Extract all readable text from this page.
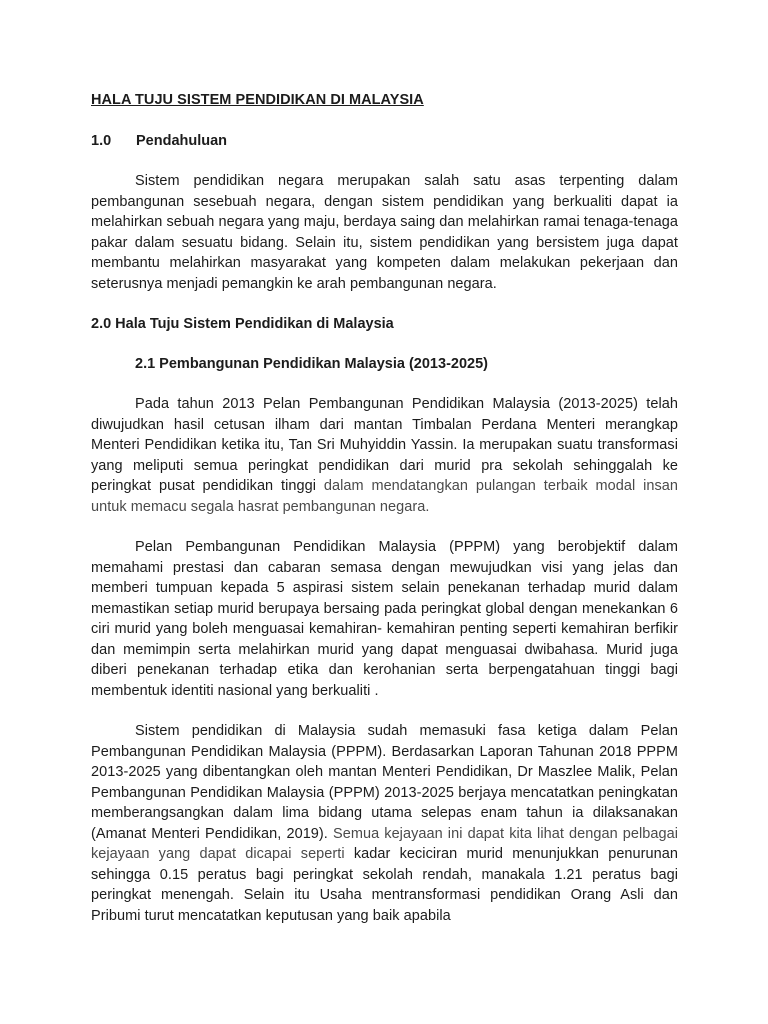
HALA TUJU SISTEM PENDIDIKAN DI MALAYSIA
1.0	Pendahuluan

Sistem pendidikan negara merupakan salah satu asas terpenting dalam pembangunan sesebuah negara, dengan sistem pendidikan yang berkualiti dapat ia melahirkan sebuah negara yang maju, berdaya saing dan melahirkan ramai tenaga-tenaga pakar dalam sesuatu bidang. Selain itu, sistem pendidikan yang bersistem juga dapat membantu melahirkan masyarakat yang kompeten dalam melakukan pekerjaan dan seterusnya menjadi pemangkin ke arah pembangunan negara.

2.0 Hala Tuju Sistem Pendidikan di Malaysia
2.1 Pembangunan Pendidikan Malaysia (2013-2025)

Pada tahun 2013 Pelan Pembangunan Pendidikan Malaysia (2013-2025) telah diwujudkan hasil cetusan ilham dari mantan Timbalan Perdana Menteri merangkap Menteri Pendidikan ketika itu, Tan Sri Muhyiddin Yassin. Ia merupakan suatu transformasi yang meliputi semua peringkat pendidikan dari murid pra sekolah sehinggalah ke peringkat pusat pendidikan tinggi dalam mendatangkan pulangan terbaik modal insan untuk memacu segala hasrat pembangunan negara.

Pelan Pembangunan Pendidikan Malaysia (PPPM) yang berobjektif dalam memahami prestasi dan cabaran semasa dengan mewujudkan visi yang jelas dan memberi tumpuan kepada 5 aspirasi sistem selain penekanan terhadap murid dalam memastikan setiap murid berupaya bersaing pada peringkat global dengan menekankan 6 ciri murid yang boleh menguasai kemahiran- kemahiran penting seperti kemahiran berfikir dan memimpin serta melahirkan murid yang dapat menguasai dwibahasa. Murid juga diberi penekanan terhadap etika dan kerohanian serta berpengatahuan tinggi bagi membentuk identiti nasional yang berkualiti .

Sistem pendidikan di Malaysia sudah memasuki fasa ketiga dalam Pelan Pembangunan Pendidikan Malaysia (PPPM). Berdasarkan Laporan Tahunan 2018 PPPM 2013-2025 yang dibentangkan oleh mantan Menteri Pendidikan, Dr Maszlee Malik, Pelan Pembangunan Pendidikan Malaysia (PPPM) 2013-2025 berjaya mencatatkan peningkatan memberangsangkan dalam lima bidang utama selepas enam tahun ia dilaksanakan (Amanat Menteri Pendidikan, 2019). Semua kejayaan ini dapat kita lihat dengan pelbagai kejayaan yang dapat dicapai seperti kadar keciciran murid menunjukkan penurunan sehingga 0.15 peratus bagi peringkat sekolah rendah, manakala 1.21 peratus bagi peringkat menengah. Selain itu Usaha mentransformasi pendidikan Orang Asli dan Pribumi turut mencatatkan keputusan yang baik apabila
